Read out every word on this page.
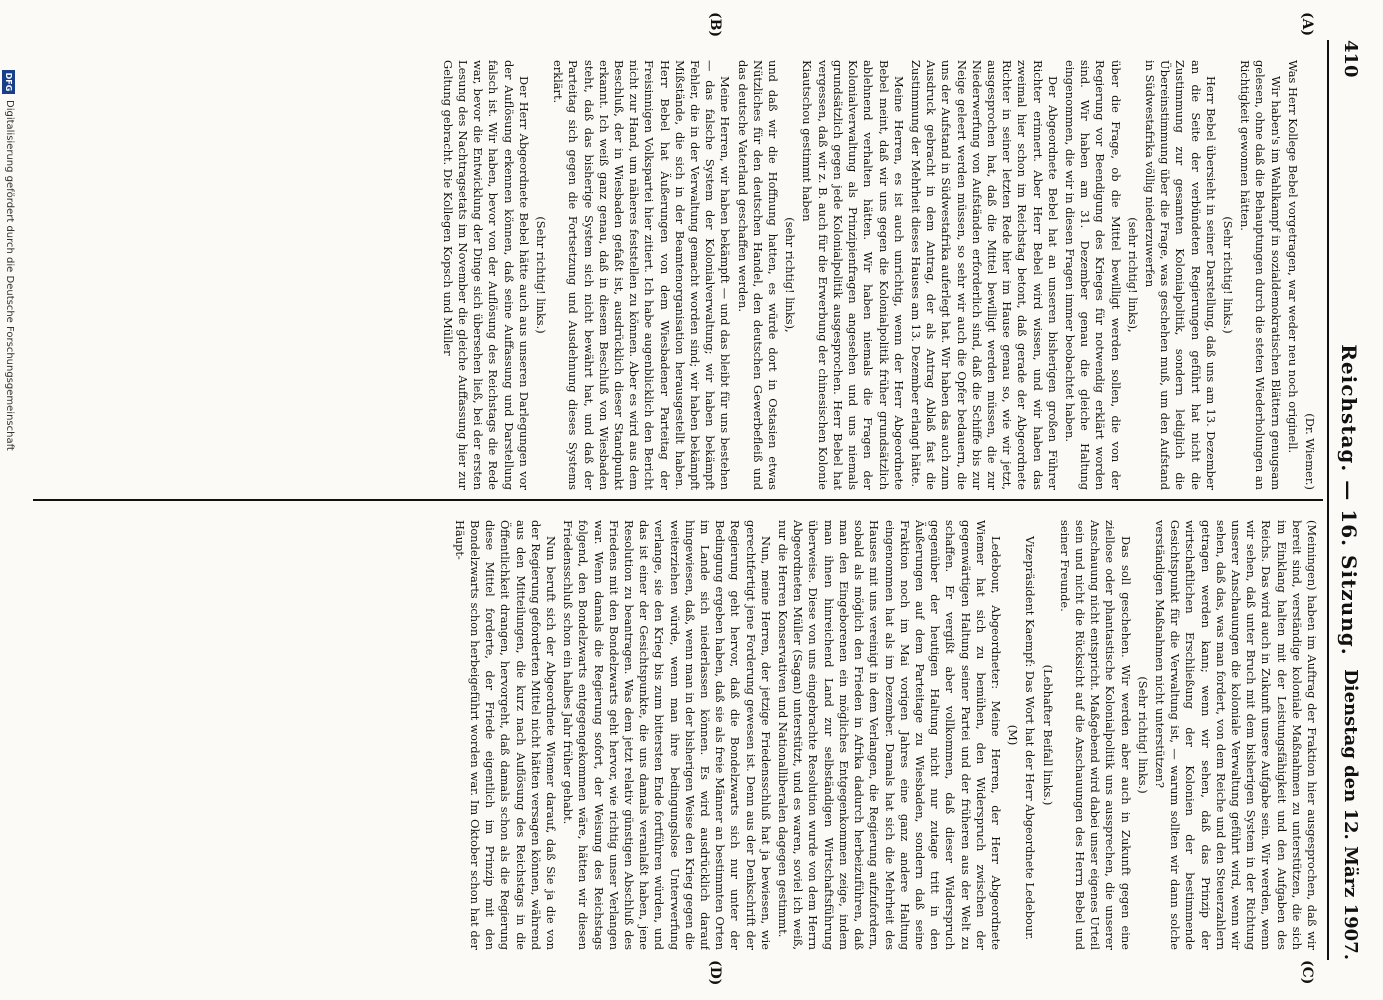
410
Reichstag. — 16. Sitzung.
Dienstag den 12. März 1907.
(A)
(B)
(C)
(D)

(Dr. Wiemer.)

Was Herr Kollege Bebel vorgetragen, war weder neu noch originell.

Wir haben's im Wahlkampf in sozialdemokratischen Blättern genugsam gelesen, ohne daß die Behauptungen durch die steten Wiederholungen an Richtigkeit gewonnen hätten.

(Sehr richtig! links.)

Herr Bebel übersieht in seiner Darstellung, daß uns am 13. Dezember an die Seite der verbündeten Regierungen geführt hat nicht die Zustimmung zur gesamten Kolonialpolitik, sondern lediglich die Übereinstimmung über die Frage, was geschehen muß, um den Aufstand in Südwestafrika völlig niederzuwerfen

(sehr richtig! links),

über die Frage, ob die Mittel bewilligt werden sollen, die von der Regierung vor Beendigung des Krieges für notwendig erklärt worden sind. Wir haben am 31. Dezember genau die gleiche Haltung eingenommen, die wir in diesen Fragen immer beobachtet haben.

Der Abgeordnete Bebel hat an unseren bisherigen großen Führer Richter erinnert. Aber Herr Bebel wird wissen, und wir haben das zweimal hier schon im Reichstag betont, daß gerade der Abgeordnete Richter in seiner letzten Rede hier im Hause genau so, wie wir jetzt, ausgesprochen hat, daß die Mittel bewilligt werden müssen, die zur Niederwerfung von Aufständen erforderlich sind, daß die Schiffe bis zur Neige geleert werden müssen, so sehr wir auch die Opfer bedauern, die uns der Aufstand in Südwestafrika auferlegt hat. Wir haben das auch zum Ausdruck gebracht in dem Antrag, der als Antrag Ablaß fast die Zustimmung der Mehrheit dieses Hauses am 13. Dezember erlangt hätte.

Meine Herren, es ist auch unrichtig, wenn der Herr Abgeordnete Bebel meint, daß wir uns gegen die Kolonialpolitik früher grundsätzlich ablehnend verhalten hätten. Wir haben niemals die Fragen der Kolonialverwaltung als Prinzipienfragen angesehen und uns niemals grundsätzlich gegen jede Kolonialpolitik ausgesprochen. Herr Bebel hat vergessen, daß wir z. B. auch für die Erwerbung der chinesischen Kolonie Kiautschou gestimmt haben

(sehr richtig! links),

und daß wir die Hoffnung hatten, es würde dort in Ostasien etwas Nützliches für den deutschen Handel, den deutschen Gewerbefleiß und das deutsche Vaterland geschaffen werden.

Meine Herren, wir haben bekämpft — und das bleibt für uns bestehen — das falsche System der Kolonialverwaltung; wir haben bekämpft Fehler, die in der Verwaltung gemacht worden sind; wir haben bekämpft Mißstände, die sich in der Beamtenorganisation herausgestellt haben. Herr Bebel hat Äußerungen von dem Wiesbadener Parteitag der Freisinnigen Volkspartei hier zitiert. Ich habe augenblicklich den Bericht nicht zur Hand, um näheres feststellen zu können. Aber es wird aus dem Beschluß, der in Wiesbaden gefaßt ist, ausdrücklich dieser Standpunkt erkannt. Ich weiß ganz genau, daß in diesem Beschluß von Wiesbaden steht, daß das bisherige System sich nicht bewährt hat, und daß der Parteitag sich gegen die Fortsetzung und Ausdehnung dieses Systems erklärt.

(Sehr richtig! links.)

Der Herr Abgeordnete Bebel hätte auch aus unseren Darlegungen vor der Auflösung erkennen können, daß seine Auffassung und Darstellung falsch ist. Wir haben, bevor von der Auflösung des Reichstags die Rede war, bevor die Entwicklung der Dinge sich übersehen ließ, bei der ersten Lesung des Nachtragsetats im November die gleiche Auffassung hier zur Geltung gebracht. Die Kollegen Kopsch und Müller

(Meiningen) haben im Auftrag der Fraktion hier ausgesprochen, daß wir bereit sind, verständige koloniale Maßnahmen zu unterstützen, die sich im Einklang halten mit der Leistungsfähigkeit und den Aufgaben des Reichs. Das wird auch in Zukunft unsere Aufgabe sein. Wir werden, wenn wir sehen, daß unter Bruch mit dem bisherigen System in der Richtung unserer Anschauungen die koloniale Verwaltung geführt wird, wenn wir sehen, daß das, was man fordert, von dem Reiche und den Steuerzahlern getragen werden kann; wenn wir sehen, daß das Prinzip der wirtschaftlichen Erschließung der Kolonien der bestimmende Gesichtspunkt für die Verwaltung ist, — warum sollten wir dann solche verständigen Maßnahmen nicht unterstützen?

(Sehr richtig! links.)

Das soll geschehen. Wir werden aber auch in Zukunft gegen eine ziellose oder phantastische Kolonialpolitik uns aussprechen, die unserer Anschauung nicht entspricht. Maßgebend wird dabei unser eigenes Urteil sein und nicht die Rücksicht auf die Anschauungen des Herrn Bebel und seiner Freunde.

(Lebhafter Beifall links.)

Vizepräsident Kaempf: Das Wort hat der Herr Abgeordnete Ledebour.

(M)

Ledebour, Abgeordneter: Meine Herren, der Herr Abgeordnete Wiemer hat sich zu bemühen, den Widerspruch zwischen der gegenwärtigen Haltung seiner Partei und der früheren aus der Welt zu schaffen. Er vergißt aber vollkommen, daß dieser Widerspruch gegenüber der heutigen Haltung nicht nur zutage tritt in den Äußerungen auf dem Parteitage zu Wiesbaden, sondern daß seine Fraktion noch im Mai vorigen Jahres eine ganz andere Haltung eingenommen hat als im Dezember. Damals hat sich die Mehrheit des Hauses mit uns vereinigt in dem Verlangen, die Regierung aufzufordern, sobald als möglich den Frieden in Afrika dadurch herbeizuführen, daß man den Eingeborenen ein mögliches Entgegenkommen zeige, indem man ihnen hinreichend Land zur selbständigen Wirtschaftsführung überweise. Diese von uns eingebrachte Resolution wurde von dem Herrn Abgeordneten Müller (Sagan) unterstützt, und es waren, soviel ich weiß, nur die Herren Konservativen und Nationalliberalen dagegen gestimmt.

Nun, meine Herren, der jetzige Friedensschluß hat ja bewiesen, wie gerechtfertigt jene Forderung gewesen ist. Denn aus der Denkschrift der Regierung geht hervor, daß die Bondelzwarts sich nur unter der Bedingung ergeben haben, daß sie als freie Männer an bestimmten Orten im Lande sich niederlassen können. Es wird ausdrücklich darauf hingewiesen, daß, wenn man in der bisherigen Weise den Krieg gegen die weiterziehen würde, wenn man ihre bedingungslose Unterwerfung verlange, sie den Krieg bis zum bittersten Ende fortführen würden, und das ist einer der Gesichtspunkte, die uns damals veranlaßt haben, jene Resolution zu beantragen. Was dem jetzt relativ günstigen Abschluß des Friedens mit den Bondelzwarts geht hervor, wie richtig unser Verlangen war. Wenn damals die Regierung sofort, der Weisung des Reichstags folgend, den Bondelzwarts entgegengekommen wäre, hätten wir diesen Friedensschluß schon ein halbes Jahr früher gehabt.

Nun beruft sich der Abgeordnete Wiemer darauf, daß Sie ja die von der Regierung geforderten Mittel nicht hätten versagen können, während aus den Mitteilungen, die kurz nach Auflösung des Reichstags in die Öffentlichkeit drangen, hervorgeht, daß damals schon als die Regierung diese Mittel forderte, der Friede eigentlich im Prinzip mit den Bondelzwarts schon herbeigeführt worden war. Im Oktober schon hat der Häupt-

DFG
Digitalisierung gefördert durch die Deutsche Forschungsgemeinschaft
